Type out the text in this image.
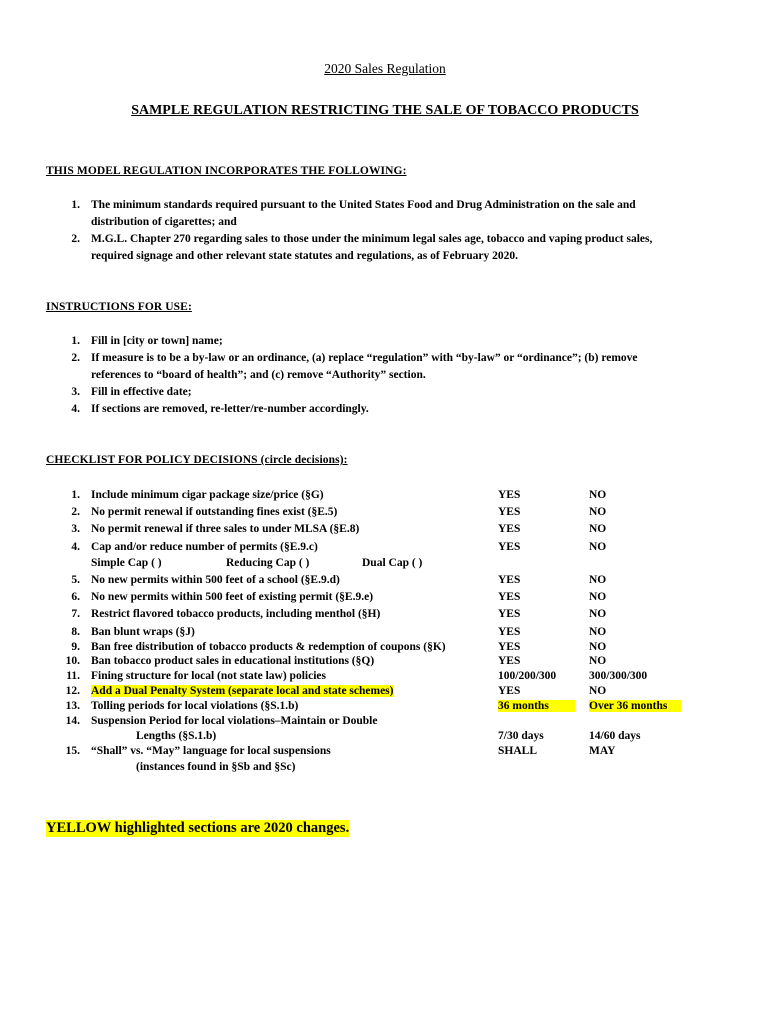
2020 Sales Regulation
SAMPLE REGULATION RESTRICTING THE SALE OF TOBACCO PRODUCTS
THIS MODEL REGULATION INCORPORATES THE FOLLOWING:
1. The minimum standards required pursuant to the United States Food and Drug Administration on the sale and
distribution of cigarettes; and
2. M.G.L. Chapter 270 regarding sales to those under the minimum legal sales age, tobacco and vaping product sales,
required signage and other relevant state statutes and regulations, as of February 2020.
INSTRUCTIONS FOR USE:
1. Fill in [city or town] name;
2. If measure is to be a by-law or an ordinance, (a) replace “regulation” with “by-law” or “ordinance”; (b) remove
references to “board of health”; and (c) remove “Authority” section.
3. Fill in effective date;
4. If sections are removed, re-letter/re-number accordingly.
CHECKLIST FOR POLICY DECISIONS (circle decisions):
1. Include minimum cigar package size/price (§G)	YES	NO
2. No permit renewal if outstanding fines exist (§E.5)	YES	NO
3. No permit renewal if three sales to under MLSA (§E.8)	YES	NO
4. Cap and/or reduce number of permits (§E.9.c)	YES	NO
Simple Cap ( )	Reducing Cap ( )	Dual Cap ( )
5. No new permits within 500 feet of a school (§E.9.d)	YES	NO
6. No new permits within 500 feet of existing permit (§E.9.e)	YES	NO
7. Restrict flavored tobacco products, including menthol (§H)	YES	NO
8. Ban blunt wraps (§J)	YES	NO
9. Ban free distribution of tobacco products & redemption of coupons (§K)	YES	NO
10. Ban tobacco product sales in educational institutions (§Q)	YES	NO
11. Fining structure for local (not state law) policies	100/200/300	300/300/300
12. Add a Dual Penalty System (separate local and state schemes)	YES	NO
13. Tolling periods for local violations (§S.1.b)	36 months	Over 36 months
14. Suspension Period for local violations–Maintain or Double
Lengths (§S.1.b)	7/30 days	14/60 days
15. “Shall” vs. “May” language for local suspensions
(instances found in §Sb and §Sc)
SHALL	MAY
YELLOW highlighted sections are 2020 changes.
